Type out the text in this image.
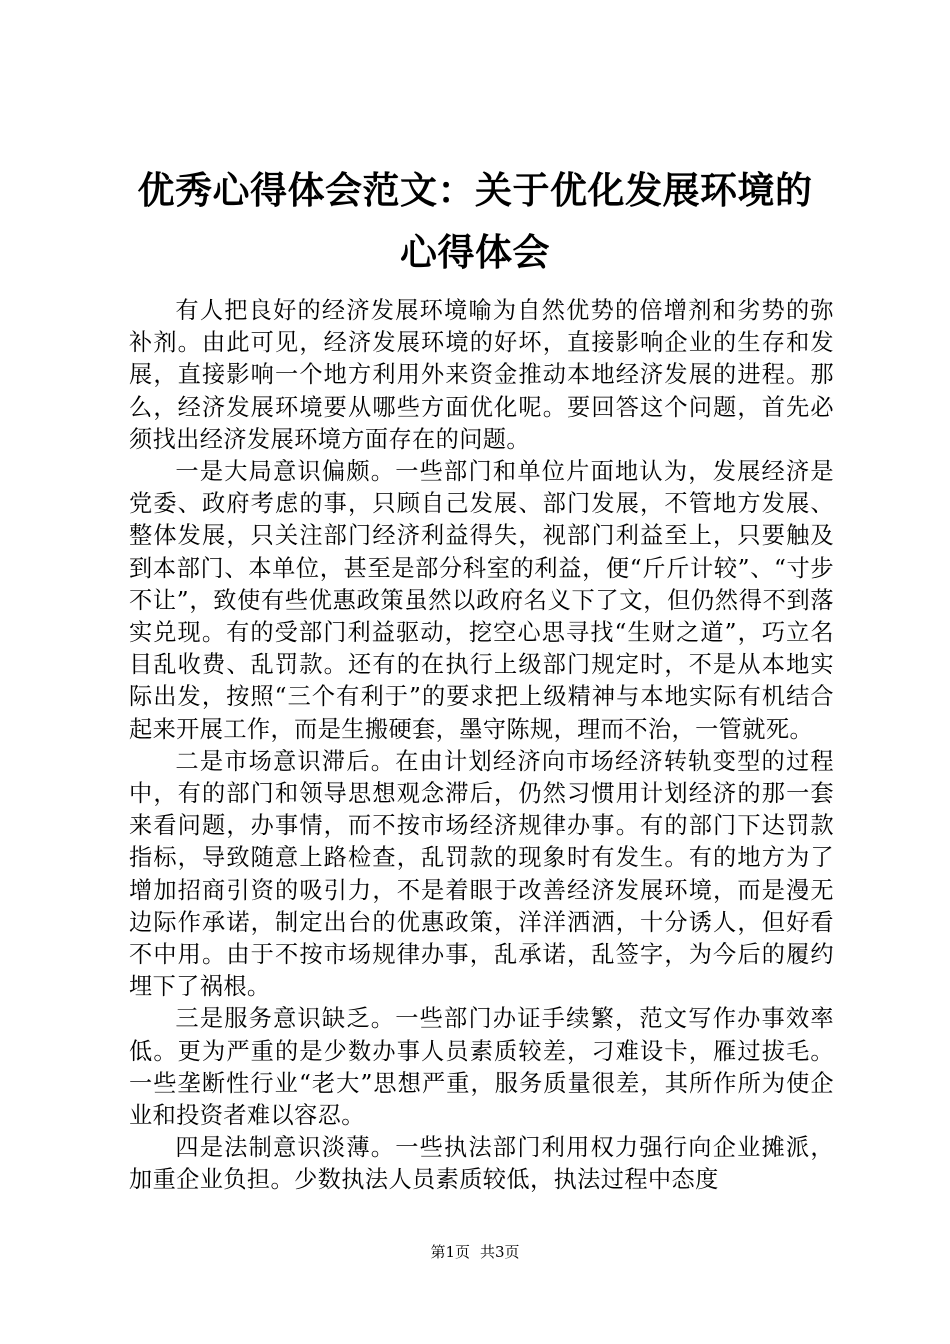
优秀心得体会范文：关于优化发展环境的心得体会

有人把良好的经济发展环境喻为自然优势的倍增剂和劣势的弥补剂。由此可见，经济发展环境的好坏，直接影响企业的生存和发展，直接影响一个地方利用外来资金推动本地经济发展的进程。那么，经济发展环境要从哪些方面优化呢。要回答这个问题，首先必须找出经济发展环境方面存在的问题。

一是大局意识偏颇。一些部门和单位片面地认为，发展经济是党委、政府考虑的事，只顾自己发展、部门发展，不管地方发展、整体发展，只关注部门经济利益得失，视部门利益至上，只要触及到本部门、本单位，甚至是部分科室的利益，便“斤斤计较”、“寸步不让”，致使有些优惠政策虽然以政府名义下了文，但仍然得不到落实兑现。有的受部门利益驱动，挖空心思寻找“生财之道”，巧立名目乱收费、乱罚款。还有的在执行上级部门规定时，不是从本地实际出发，按照“三个有利于”的要求把上级精神与本地实际有机结合起来开展工作，而是生搬硬套，墨守陈规，理而不治，一管就死。

二是市场意识滞后。在由计划经济向市场经济转轨变型的过程中，有的部门和领导思想观念滞后，仍然习惯用计划经济的那一套来看问题，办事情，而不按市场经济规律办事。有的部门下达罚款指标，导致随意上路检查，乱罚款的现象时有发生。有的地方为了增加招商引资的吸引力，不是着眼于改善经济发展环境，而是漫无边际作承诺，制定出台的优惠政策，洋洋洒洒，十分诱人，但好看不中用。由于不按市场规律办事，乱承诺，乱签字，为今后的履约埋下了祸根。

三是服务意识缺乏。一些部门办证手续繁，范文写作办事效率低。更为严重的是少数办事人员素质较差，刁难设卡，雁过拔毛。一些垄断性行业“老大”思想严重，服务质量很差，其所作所为使企业和投资者难以容忍。

四是法制意识淡薄。一些执法部门利用权力强行向企业摊派，加重企业负担。少数执法人员素质较低，执法过程中态度

第1页 共3页
